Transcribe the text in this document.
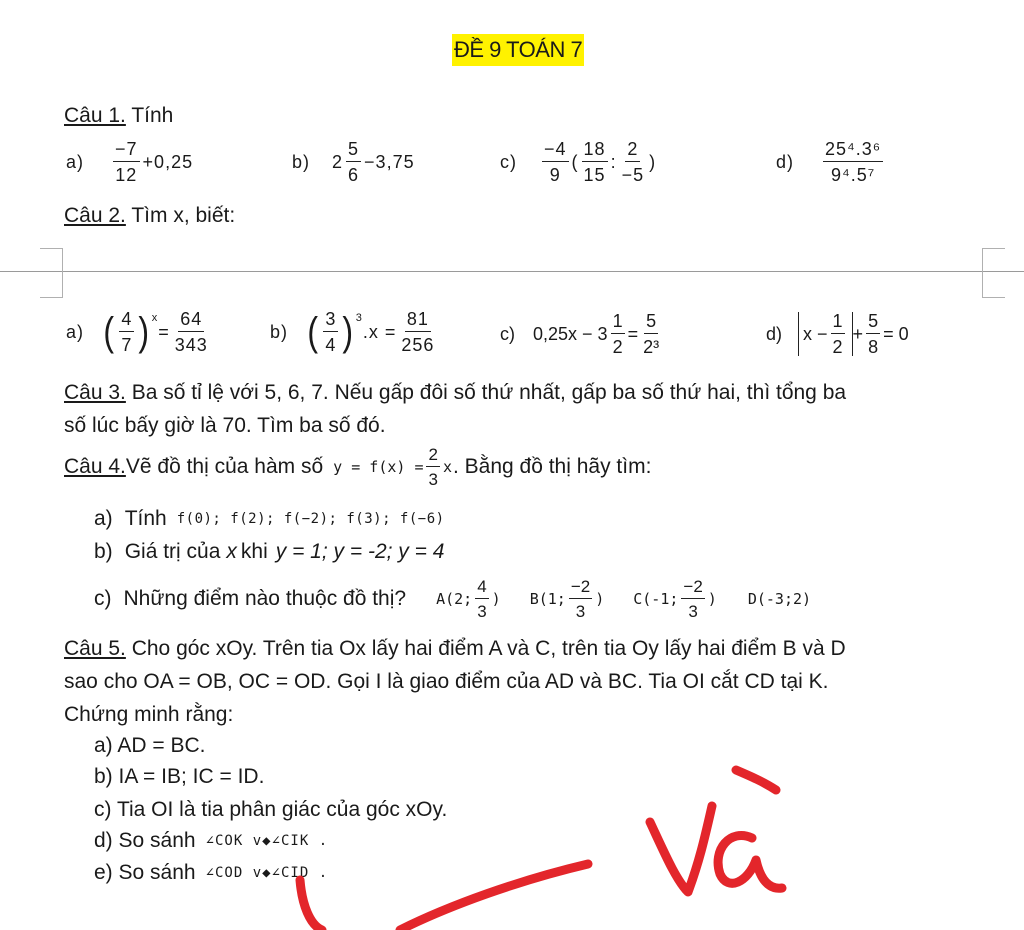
ĐỀ 9 TOÁN 7
Câu 1. Tính
$a) \frac{-7}{12} +0,25$	b) $2 \frac{5}{6} -3,75$	$c) \frac{-4}{9}$ ( $\frac{18}{15}$ : $\frac{2}{-5}$ )	$d) \frac{\text{25⁴.3⁶}}{\text{9⁴.5⁷}}$
Câu 2. Tìm x, biết:
a) ( $\frac{4}{7}$ ) x
= $\frac{64}{343}$	b) ( $\frac{3}{4}$ ) 3
$.x = \frac{81}{256}$	c) $0,25x - 3 \frac{1}{2} = \frac{5}{\text{2³}}$	d) $x - \frac{1}{2} + \frac{5}{8} = 0$
Câu 3. Ba số tỉ lệ với 5, 6, 7. Nếu gấp đôi số thứ nhất, gấp ba số thứ hai, thì tổng ba
số lúc bấy giờ là 70. Tìm ba số đó.
Câu 4. Vẽ đồ thị của hàm số $y = f(x) = \frac{2}{3}$ x . Bằng đồ thị hãy tìm:
a) Tính f(0); f(2); f(−2); f(3); f(−6)
b) Giá trị của x khi y = 1; y = -2; y = 4
c) Những điểm nào thuộc đồ thị? A(2; $\frac{4}{3}$ ) B(1; $\frac{-2}{3}$ ) C(-1; $\frac{-2}{3}$ ) D(-3;2)
Câu 5. Cho góc xOy. Trên tia Ox lấy hai điểm A và C, trên tia Oy lấy hai điểm B và D
sao cho OA = OB, OC = OD. Gọi I là giao điểm của AD và BC. Tia OI cắt CD tại K.
Chứng minh rằng:
a) AD = BC.
b) IA = IB; IC = ID.
c) Tia OI là tia phân giác của góc xOy.
d) So sánh ∠COK v◆∠CIK .
e) So sánh ∠COD v◆∠CID .
